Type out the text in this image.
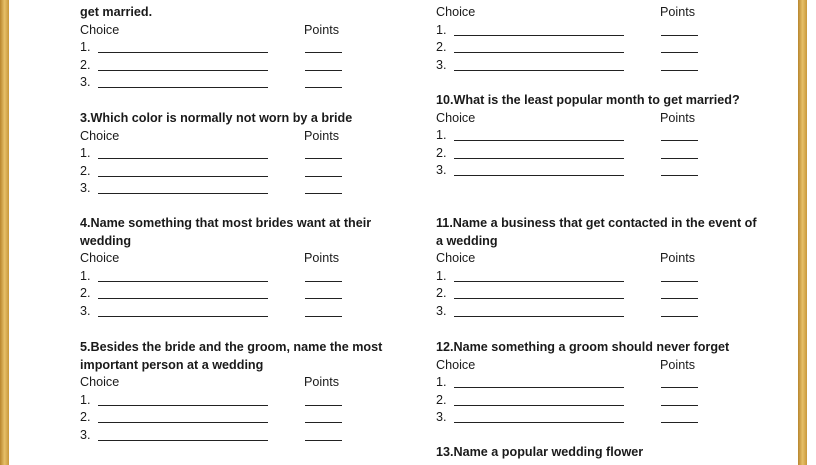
get married.

Choice	Points
1.
2.
3.

3.Which color is normally not worn by a bride

Choice	Points
1.
2.
3.

4.Name something that most brides want at their wedding

Choice	Points
1.
2.
3.

5.Besides the bride and the groom, name the most important person at a wedding

Choice	Points
1.
2.
3.
Choice	Points
1.
2.
3.

10.What is the least popular month to get married?

Choice	Points
1.
2.
3.

11.Name a business that get contacted in the event of a wedding

Choice	Points
1.
2.
3.

12.Name something a groom should never forget

Choice	Points
1.
2.
3.

13.Name a popular wedding flower
